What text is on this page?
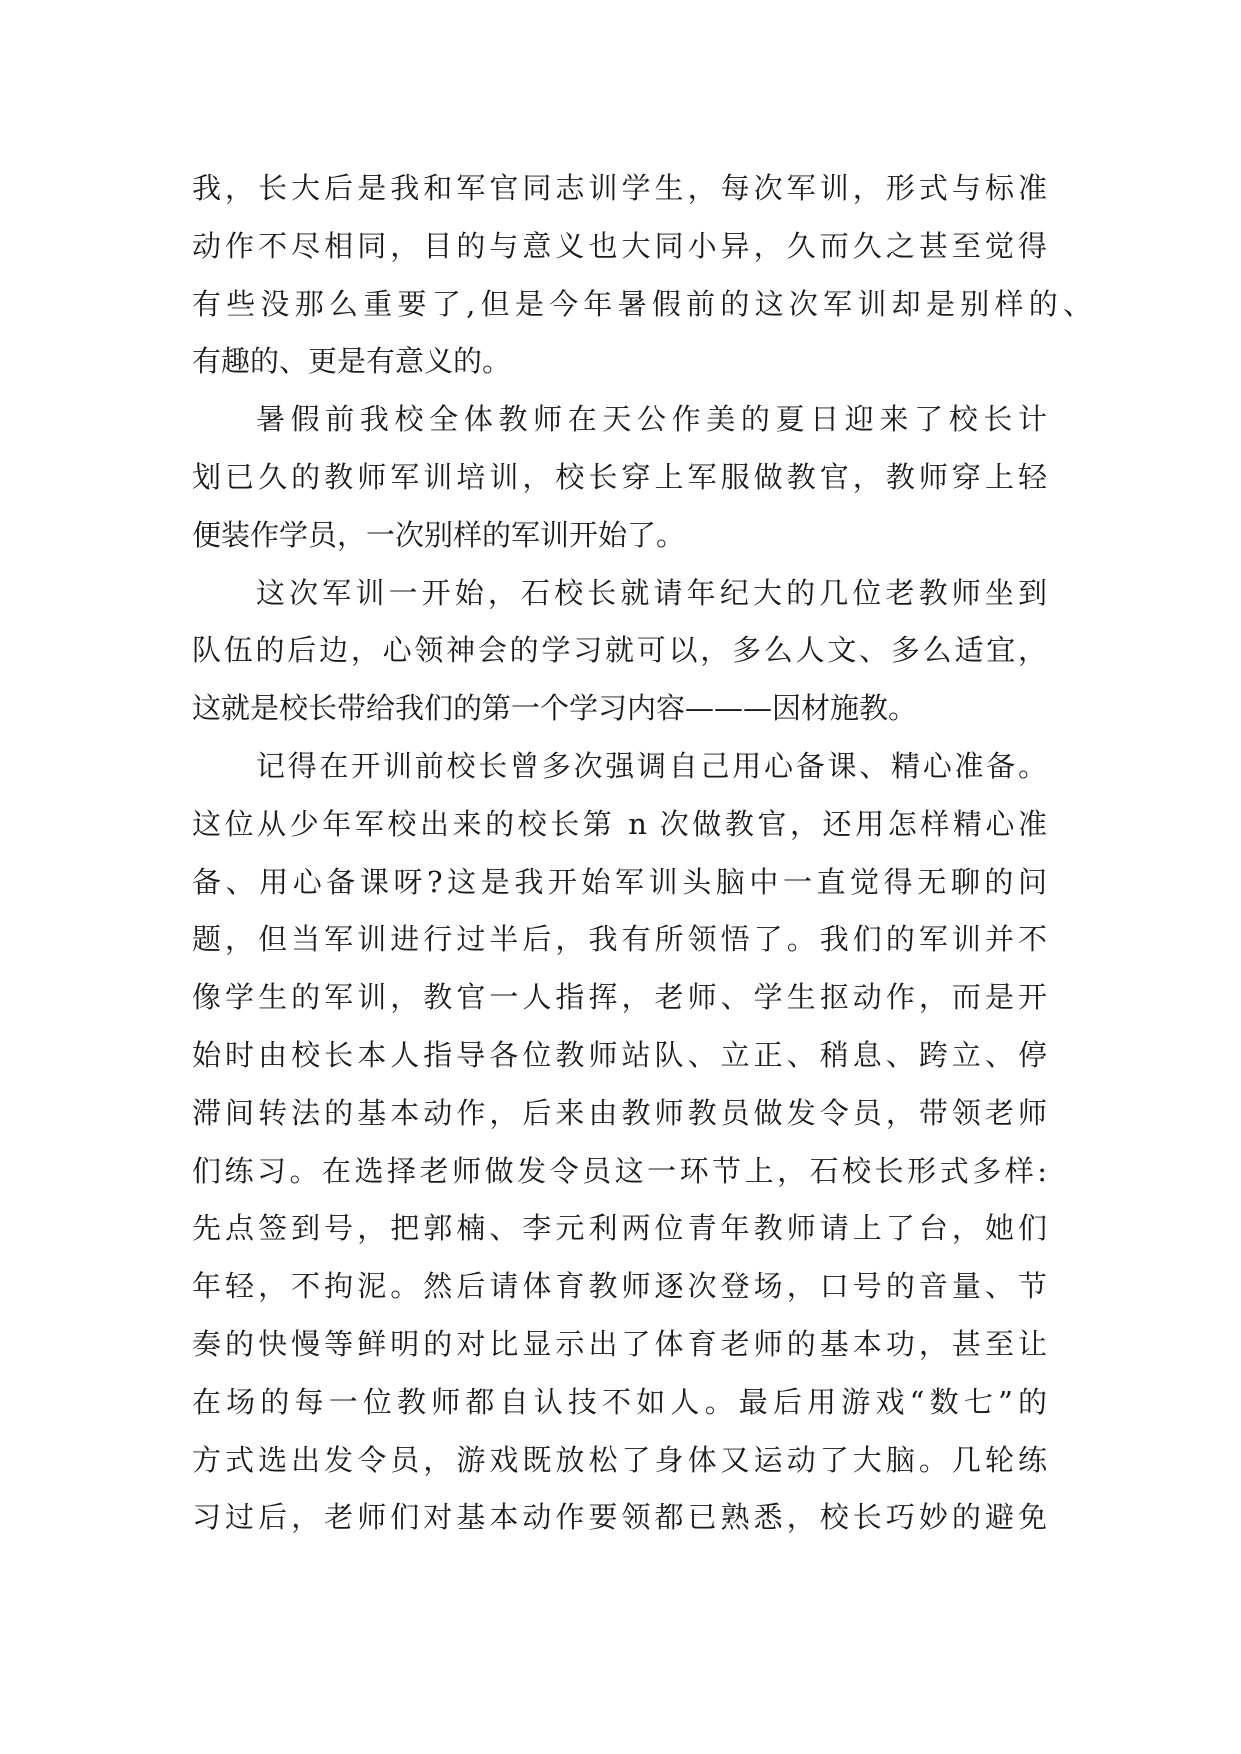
我，长大后是我和军官同志训学生，每次军训，形式与标准
动作不尽相同，目的与意义也大同小异，久而久之甚至觉得
有些没那么重要了,但是今年暑假前的这次军训却是别样的、
有趣的、更是有意义的。
暑假前我校全体教师在天公作美的夏日迎来了校长计
划已久的教师军训培训，校长穿上军服做教官，教师穿上轻
便装作学员，一次别样的军训开始了。
这次军训一开始，石校长就请年纪大的几位老教师坐到
队伍的后边，心领神会的学习就可以，多么人文、多么适宜，
这就是校长带给我们的第一个学习内容———因材施教。
记得在开训前校长曾多次强调自己用心备课、精心准备。
这位从少年军校出来的校长第 n 次做教官，还用怎样精心准
备、用心备课呀?这是我开始军训头脑中一直觉得无聊的问
题，但当军训进行过半后，我有所领悟了。我们的军训并不
像学生的军训，教官一人指挥，老师、学生抠动作，而是开
始时由校长本人指导各位教师站队、立正、稍息、跨立、停
滞间转法的基本动作，后来由教师教员做发令员，带领老师
们练习。在选择老师做发令员这一环节上，石校长形式多样:
先点签到号，把郭楠、李元利两位青年教师请上了台，她们
年轻，不拘泥。然后请体育教师逐次登场，口号的音量、节
奏的快慢等鲜明的对比显示出了体育老师的基本功，甚至让
在场的每一位教师都自认技不如人。最后用游戏“数七”的
方式选出发令员，游戏既放松了身体又运动了大脑。几轮练
习过后，老师们对基本动作要领都已熟悉，校长巧妙的避免
